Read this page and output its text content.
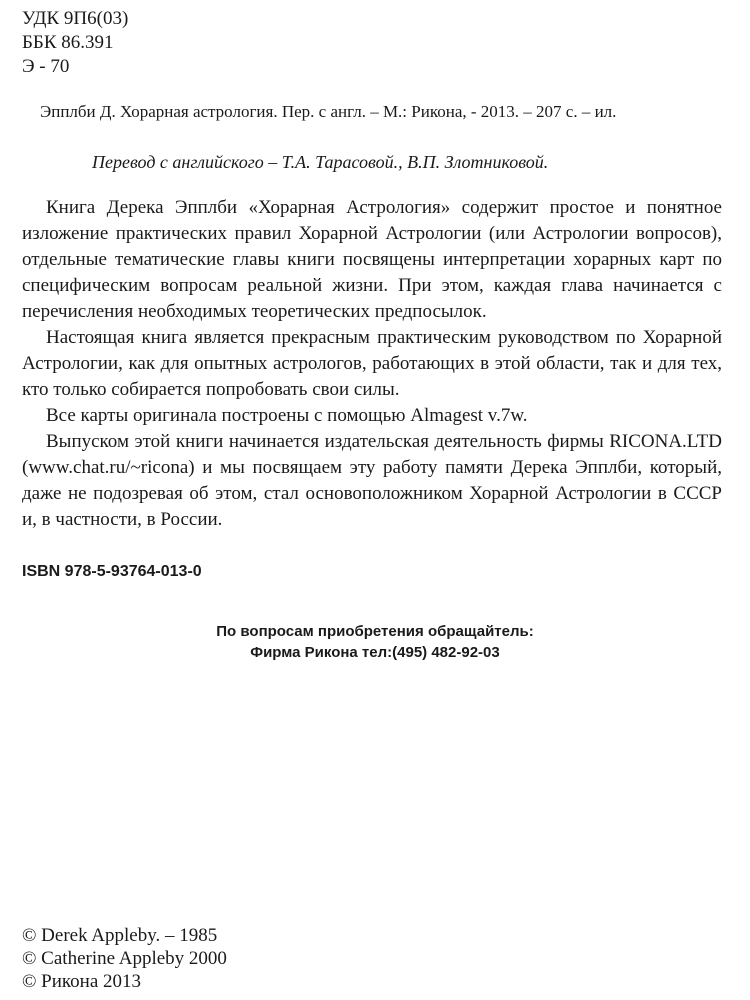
УДК 9П6(03)
ББК 86.391
Э - 70
Эпплби Д. Хорарная астрология. Пер. с англ. – М.: Рикона, - 2013. – 207 с. – ил.
Перевод с английского – Т.А. Тарасовой., В.П. Злотниковой.

Книга Дерека Эпплби «Хорарная Астрология» содержит простое и понятное изложение практических правил Хорарной Астрологии (или Астрологии вопросов), отдельные тематические главы книги посвящены интерпретации хорарных карт по специфическим вопросам реальной жизни. При этом, каждая глава начинается с перечисления необходимых теоретических предпосылок.

Настоящая книга является прекрасным практическим руководством по Хорарной Астрологии, как для опытных астрологов, работающих в этой области, так и для тех, кто только собирается попробовать свои силы.

Все карты оригинала построены с помощью Almagest v.7w.

Выпуском этой книги начинается издательская деятельность фирмы RICONA.LTD (www.chat.ru/~ricona) и мы посвящаем эту работу памяти Дерека Эпплби, который, даже не подозревая об этом, стал основоположником Хорарной Астрологии в СССР и, в частности, в России.

ISBN 978-5-93764-013-0
По вопросам приобретения обращайтель:
Фирма Рикона тел:(495) 482-92-03
© Derek Appleby. – 1985
© Catherine Appleby 2000
© Рикона 2013
